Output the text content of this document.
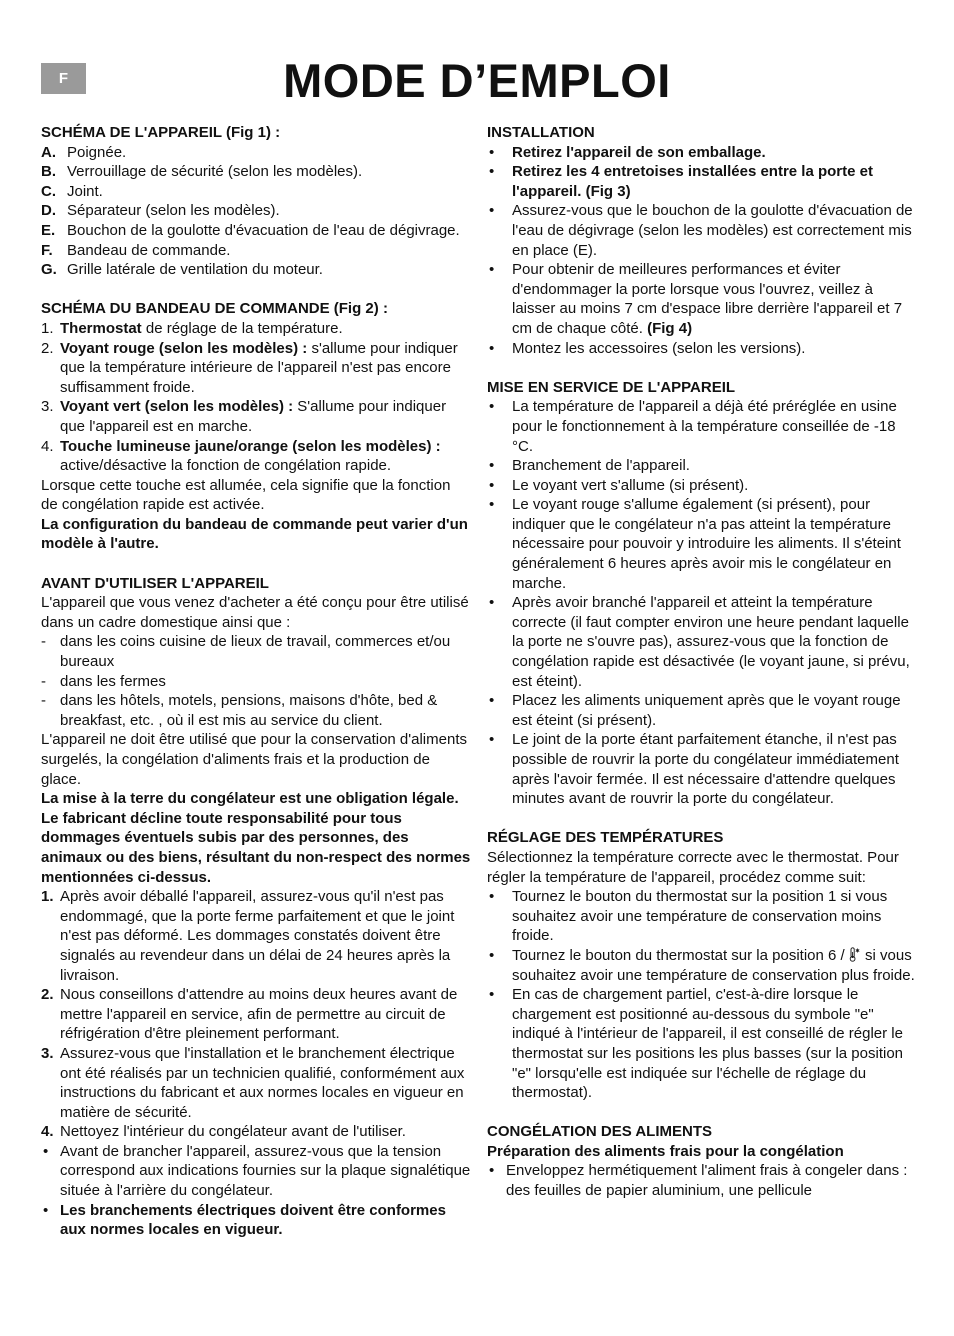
F	MODE D’EMPLOI

SCHÉMA DE L'APPAREIL (Fig 1) :

A. Poignée.
B. Verrouillage de sécurité (selon les modèles).
C. Joint.
D. Séparateur (selon les modèles).
E. Bouchon de la goulotte d'évacuation de l'eau de dégivrage.
F. Bandeau de commande.
G. Grille latérale de ventilation du moteur.

SCHÉMA DU BANDEAU DE COMMANDE (Fig 2) :

1. Thermostat de réglage de la température.
2. Voyant rouge (selon les modèles) : s'allume pour indiquer que la température intérieure de l'appareil n'est pas encore suffisamment froide.
3. Voyant vert (selon les modèles) : S'allume pour indiquer que l'appareil est en marche.
4. Touche lumineuse jaune/orange (selon les modèles) : active/désactive la fonction de congélation rapide.

Lorsque cette touche est allumée, cela signifie que la fonction de congélation rapide est activée.

La configuration du bandeau de commande peut varier d'un modèle à l'autre.

AVANT D'UTILISER L'APPAREIL

L'appareil que vous venez d'acheter a été conçu pour être utilisé dans un cadre domestique ainsi que :

- dans les coins cuisine de lieux de travail, commerces et/ou bureaux
- dans les fermes
- dans les hôtels, motels, pensions, maisons d'hôte, bed & breakfast, etc. , où il est mis au service du client.

L'appareil ne doit être utilisé que pour la conservation d'aliments surgelés, la congélation d'aliments frais et la production de glace.

La mise à la terre du congélateur est une obligation légale. Le fabricant décline toute responsabilité pour tous dommages éventuels subis par des personnes, des animaux ou des biens, résultant du non-respect des normes mentionnées ci-dessus.

1. Après avoir déballé l'appareil, assurez-vous qu'il n'est pas endommagé, que la porte ferme parfaitement et que le joint n'est pas déformé. Les dommages constatés doivent être signalés au revendeur dans un délai de 24 heures après la livraison.
2. Nous conseillons d'attendre au moins deux heures avant de mettre l'appareil en service, afin de permettre au circuit de réfrigération d'être pleinement performant.
3. Assurez-vous que l'installation et le branchement électrique ont été réalisés par un technicien qualifié, conformément aux instructions du fabricant et aux normes locales en vigueur en matière de sécurité.
4. Nettoyez l'intérieur du congélateur avant de l'utiliser.
• Avant de brancher l'appareil, assurez-vous que la tension correspond aux indications fournies sur la plaque signalétique située à l'arrière du congélateur.
• Les branchements électriques doivent être conformes aux normes locales en vigueur.

INSTALLATION

•	Retirez l'appareil de son emballage.
•	Retirez les 4 entretoises installées entre la porte et l'appareil. (Fig 3)
•	Assurez-vous que le bouchon de la goulotte d'évacuation de l'eau de dégivrage (selon les modèles) est correctement mis en place (E).
•	Pour obtenir de meilleures performances et éviter d'endommager la porte lorsque vous l'ouvrez, veillez à laisser au moins 7 cm d'espace libre derrière l'appareil et 7 cm de chaque côté. (Fig 4)
•	Montez les accessoires (selon les versions).

MISE EN SERVICE DE L'APPAREIL

•	La température de l'appareil a déjà été préréglée en usine pour le fonctionnement à la température conseillée de -18 °C.
•	Branchement de l'appareil.
•	Le voyant vert s'allume (si présent).
•	Le voyant rouge s'allume également (si présent), pour indiquer que le congélateur n'a pas atteint la température nécessaire pour pouvoir y introduire les aliments. Il s'éteint généralement 6 heures après avoir mis le congélateur en marche.
•	Après avoir branché l'appareil et atteint la température correcte (il faut compter environ une heure pendant laquelle la porte ne s'ouvre pas), assurez-vous que la fonction de congélation rapide est désactivée (le voyant jaune, si prévu, est éteint).
•	Placez les aliments uniquement après que le voyant rouge est éteint (si présent).
•	Le joint de la porte étant parfaitement étanche, il n'est pas possible de rouvrir la porte du congélateur immédiatement après l'avoir fermée. Il est nécessaire d'attendre quelques minutes avant de rouvrir la porte du congélateur.

RÉGLAGE DES TEMPÉRATURES

Sélectionnez la température correcte avec le thermostat. Pour régler la température de l'appareil, procédez comme suit:

•	Tournez le bouton du thermostat sur la position 1 si vous souhaitez avoir une température de conservation moins froide.
•	Tournez le bouton du thermostat sur la position 6 /  si vous souhaitez avoir une température de conservation plus froide.
•	En cas de chargement partiel, c'est-à-dire lorsque le chargement est positionné au-dessous du symbole "e" indiqué à l'intérieur de l'appareil, il est conseillé de régler le thermostat sur les positions les plus basses (sur la position "e" lorsqu'elle est indiquée sur l'échelle de réglage du thermostat).

CONGÉLATION DES ALIMENTS

Préparation des aliments frais pour la congélation

• Enveloppez hermétiquement l'aliment frais à congeler dans : des feuilles de papier aluminium, une pellicule
